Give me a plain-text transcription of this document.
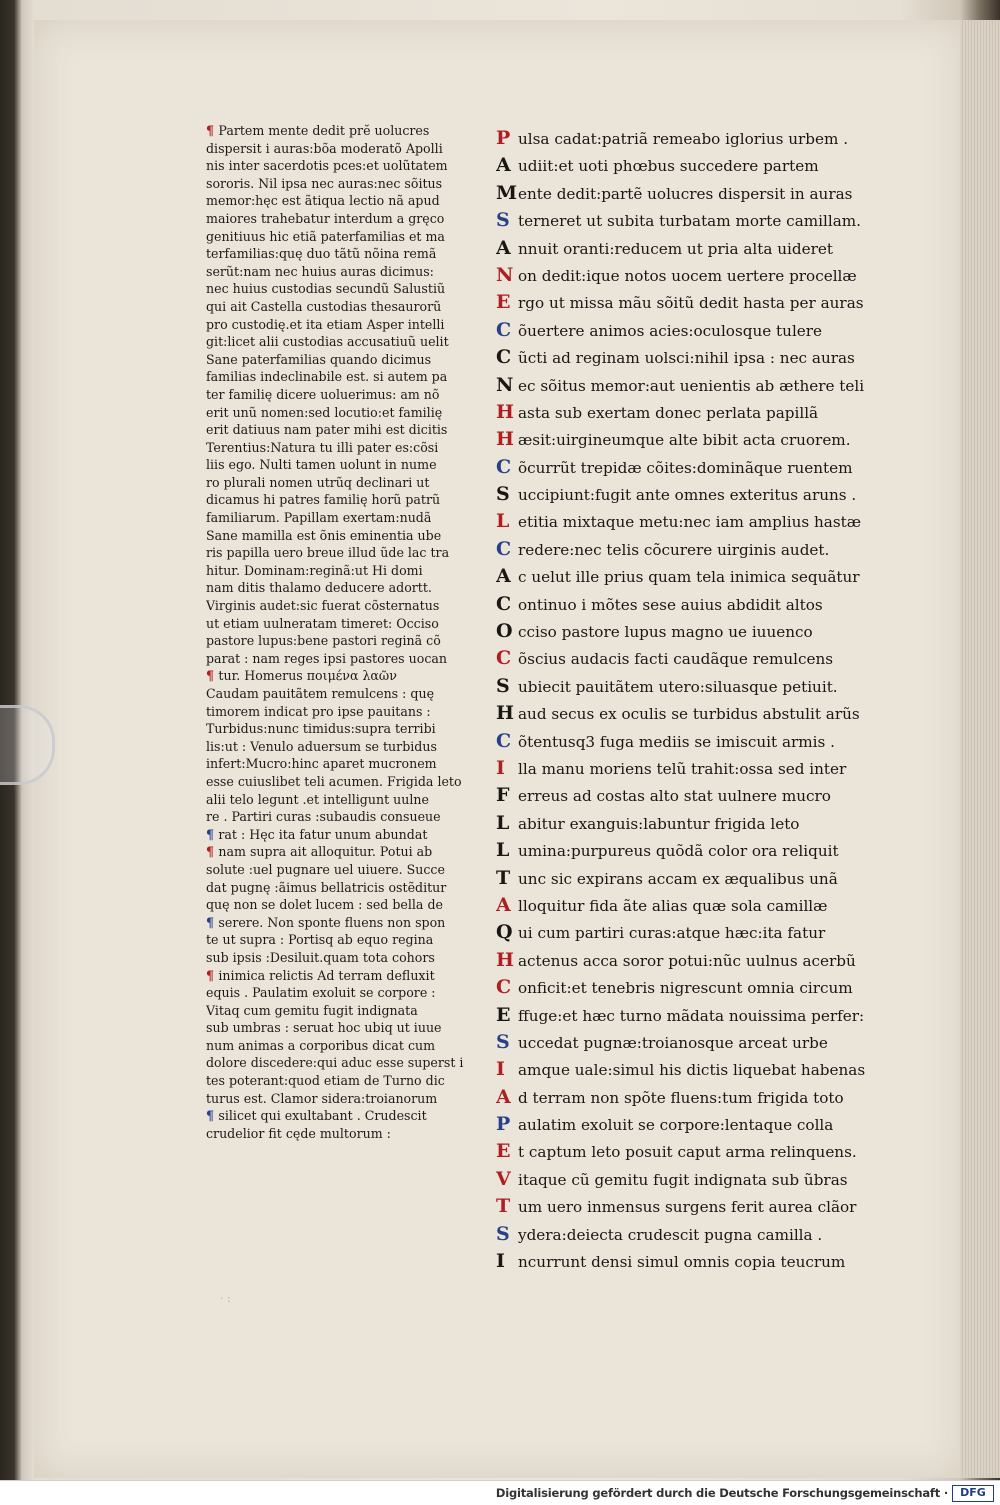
¶ Partem mente dedit prĕ uolucres
dispersit i auras:bõa moderatõ Apolli
nis inter sacerdotis pces:et uolũtatem
sororis. Nil ipsa nec auras:nec sõitus
memor:hęc est ãtiqua lectio nã apud
maiores trahebatur interdum a gręco
genitiuus hic etiã paterfamilias et ma
terfamilias:quę duo tãtũ nõina remã
serũt:nam nec huius auras dicimus:
nec huius custodias secundũ Salustiũ
qui ait Castella custodias thesaurorũ
pro custodię.et ita etiam Asper intelli
git:licet alii custodias accusatiuũ uelit
Sane paterfamilias quando dicimus
familias indeclinabile est. si autem pa
ter familię dicere uoluerimus: am nõ
erit unũ nomen:sed locutio:et familię
erit datiuus nam pater mihi est dicitis
Terentius:Natura tu illi pater es:cõsi
liis ego. Nulti tamen uolunt in nume
ro plurali nomen utrũq declinari ut
dicamus hi patres familię horũ patrũ
familiarum. Papillam exertam:nudã
Sane mamilla est õnis eminentia ube
ris papilla uero breue illud ũde lac tra
hitur. Dominam:reginã:ut Hi domi
nam ditis thalamo deducere adortt.
Virginis audet:sic fuerat cõsternatus
ut etiam uulneratam timeret: Occiso
pastore lupus:bene pastori reginã cõ
parat : nam reges ipsi pastores uocan
¶ tur. Homerus ποιμένα λαῶν
Caudam pauitãtem remulcens : quę
timorem indicat pro ipse pauitans :
Turbidus:nunc timidus:supra terribi
lis:ut : Venulo aduersum se turbidus
infert:Mucro:hinc aparet mucronem
esse cuiuslibet teli acumen. Frigida leto
alii telo legunt .et intelligunt uulne
re . Partiri curas :subaudis consueue
¶ rat : Hęc ita fatur unum abundat
¶ nam supra ait alloquitur. Potui ab
solute :uel pugnare uel uiuere. Succe
dat pugnę :ãimus bellatricis ostẽditur
quę non se dolet lucem : sed bella de
¶ serere. Non sponte fluens non spon
te ut supra : Portisq ab equo regina
sub ipsis :Desiluit.quam tota cohors
¶ inimica relictis Ad terram defluxit
equis . Paulatim exoluit se corpore :
Vitaq cum gemitu fugit indignata
sub umbras : seruat hoc ubiq ut iuue
num animas a corporibus dicat cum
dolore discedere:qui aduc esse superst i
tes poterant:quod etiam de Turno dic
turus est. Clamor sidera:troianorum
¶ silicet qui exultabant . Crudescit
crudelior fit cęde multorum :
P ulsa cadat:patriã remeabo iglorius urbem .
A udiit:et uoti phœbus succedere partem
Mente dedit:partẽ uolucres dispersit in auras
S terneret ut subita turbatam morte camillam.
A nnuit oranti:reducem ut pria alta uideret
N on dedit:ique notos uocem uertere procellæ
E rgo ut missa mãu sõitũ dedit hasta per auras
C õuertere animos acies:oculosque tulere
C ũcti ad reginam uolsci:nihil ipsa : nec auras
N ec sõitus memor:aut uenientis ab æthere teli
H asta sub exertam donec perlata papillã
H æsit:uirgineumque alte bibit acta cruorem.
C õcurrũt trepidæ cõites:dominãque ruentem
S uccipiunt:fugit ante omnes exteritus aruns .
L etitia mixtaque metu:nec iam amplius hastæ
C redere:nec telis cõcurere uirginis audet.
A c uelut ille prius quam tela inimica sequãtur
C ontinuo i mõtes sese auius abdidit altos
O cciso pastore lupus magno ue iuuenco
C õscius audacis facti caudãque remulcens
S ubiecit pauitãtem utero:siluasque petiuit.
H aud secus ex oculis se turbidus abstulit arũs
C õtentusq3 fuga mediis se imiscuit armis .
I lla manu moriens telũ trahit:ossa sed inter
F erreus ad costas alto stat uulnere mucro
L abitur exanguis:labuntur frigida leto
L umina:purpureus quõdã color ora reliquit
T unc sic expirans accam ex æqualibus unã
A lloquitur fida ãte alias quæ sola camillæ
Q ui cum partiri curas:atque hæc:ita fatur
H actenus acca soror potui:nũc uulnus acerbũ
C onficit:et tenebris nigrescunt omnia circum
E ffuge:et hæc turno mãdata nouissima perfer:
S uccedat pugnæ:troianosque arceat urbe
I amque uale:simul his dictis liquebat habenas
A d terram non spõte fluens:tum frigida toto
P aulatim exoluit se corpore:lentaque colla
E t captum leto posuit caput arma relinquens.
V itaque cũ gemitu fugit indignata sub ũbras
T um uero inmensus surgens ferit aurea clãor
S ydera:deiecta crudescit pugna camilla .
I ncurrunt densi simul omnis copia teucrum
· :
Digitalisierung gefördert durch die Deutsche Forschungsgemeinschaft ·	DFG
